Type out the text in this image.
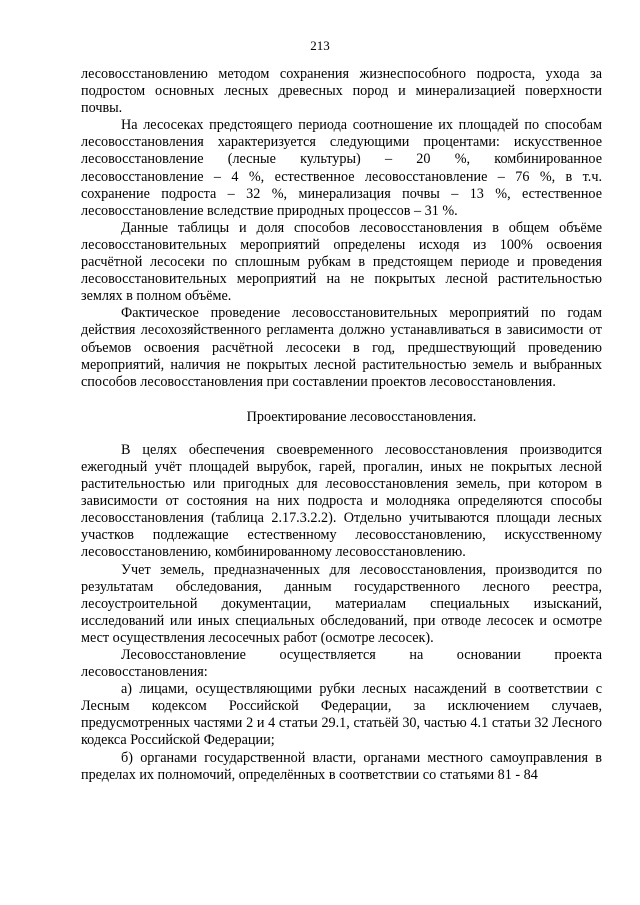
213

лесовосстановлению методом сохранения жизнеспособного подроста, ухода за подростом основных лесных древесных пород и минерализацией поверхности почвы.

На лесосеках предстоящего периода соотношение их площадей по способам лесовосстановления характеризуется следующими процентами: искусственное лесовосстановление (лесные культуры) – 20 %, комбинированное лесовосстановление – 4 %, естественное лесовосстановление – 76 %, в т.ч. сохранение подроста – 32 %, минерализация почвы – 13 %, естественное лесовосстановление вследствие природных процессов – 31 %.

Данные таблицы и доля способов лесовосстановления в общем объёме лесовосстановительных мероприятий определены исходя из 100% освоения расчётной лесосеки по сплошным рубкам в предстоящем периоде и проведения лесовосстановительных мероприятий на не покрытых лесной растительностью землях в полном объёме.

Фактическое проведение лесовосстановительных мероприятий по годам действия лесохозяйственного регламента должно устанавливаться в зависимости от объемов освоения расчётной лесосеки в год, предшествующий проведению мероприятий, наличия не покрытых лесной растительностью земель и выбранных способов лесовосстановления при составлении проектов лесовосстановления.

Проектирование лесовосстановления.

В целях обеспечения своевременного лесовосстановления производится ежегодный учёт площадей вырубок, гарей, прогалин, иных не покрытых лесной растительностью или пригодных для лесовосстановления земель, при котором в зависимости от состояния на них подроста и молодняка определяются способы лесовосстановления (таблица 2.17.3.2.2). Отдельно учитываются площади лесных участков подлежащие естественному лесовосстановлению, искусственному лесовосстановлению, комбинированному лесовосстановлению.

Учет земель, предназначенных для лесовосстановления, производится по результатам обследования, данным государственного лесного реестра, лесоустроительной документации, материалам специальных изысканий, исследований или иных специальных обследований, при отводе лесосек и осмотре мест осуществления лесосечных работ (осмотре лесосек).

Лесовосстановление осуществляется на основании проекта лесовосстановления:

а) лицами, осуществляющими рубки лесных насаждений в соответствии с Лесным кодексом Российской Федерации, за исключением случаев, предусмотренных частями 2 и 4 статьи 29.1, статьёй 30, частью 4.1 статьи 32 Лесного кодекса Российской Федерации;

б) органами государственной власти, органами местного самоуправления в пределах их полномочий, определённых в соответствии со статьями 81 - 84
